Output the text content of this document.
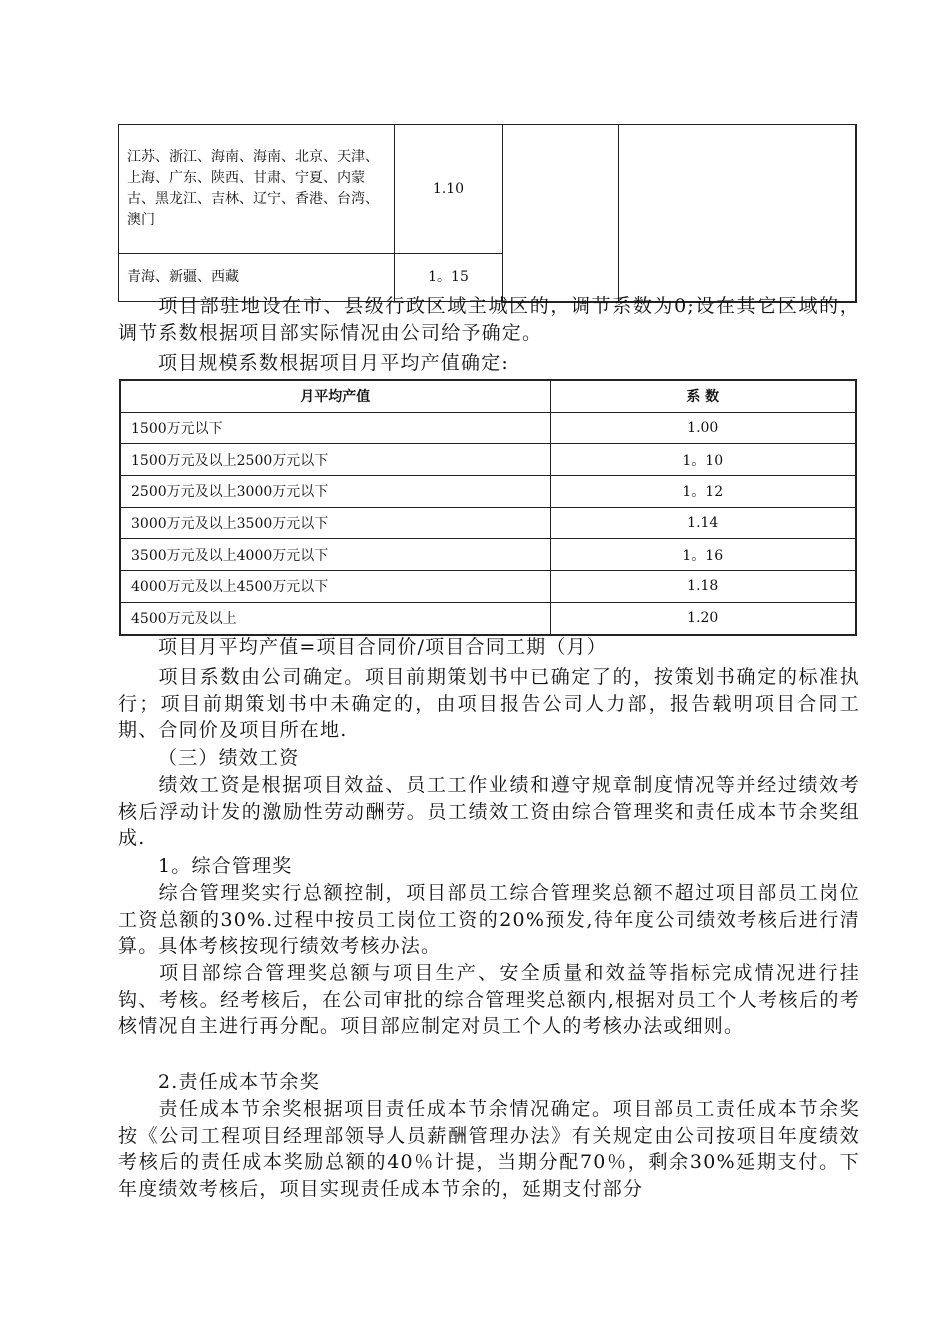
江苏、浙江、海南、海南、北京、天津、上海、广东、陕西、甘肃、宁夏、内蒙古、黑龙江、吉林、辽宁、香港、台湾、澳门	1.10		
青海、新疆、西藏	1。15		
项目部驻地设在市、县级行政区域主城区的，调节系数为0;设在其它区域的，调节系数根据项目部实际情况由公司给予确定。
项目规模系数根据项目月平均产值确定:
月平均产值	系 数
1500万元以下	1.00
1500万元及以上2500万元以下	1。10
2500万元及以上3000万元以下	1。12
3000万元及以上3500万元以下	1.14
3500万元及以上4000万元以下	1。16
4000万元及以上4500万元以下	1.18
4500万元及以上	1.20
项目月平均产值=项目合同价/项目合同工期（月）
项目系数由公司确定。项目前期策划书中已确定了的，按策划书确定的标准执行；项目前期策划书中未确定的，由项目报告公司人力部，报告载明项目合同工期、合同价及项目所在地.
（三）绩效工资
绩效工资是根据项目效益、员工工作业绩和遵守规章制度情况等并经过绩效考核后浮动计发的激励性劳动酬劳。员工绩效工资由综合管理奖和责任成本节余奖组成.
1。综合管理奖
综合管理奖实行总额控制，项目部员工综合管理奖总额不超过项目部员工岗位工资总额的30%.过程中按员工岗位工资的20%预发,待年度公司绩效考核后进行清算。具体考核按现行绩效考核办法。
项目部综合管理奖总额与项目生产、安全质量和效益等指标完成情况进行挂钩、考核。经考核后，在公司审批的综合管理奖总额内,根据对员工个人考核后的考核情况自主进行再分配。项目部应制定对员工个人的考核办法或细则。
2.责任成本节余奖
责任成本节余奖根据项目责任成本节余情况确定。项目部员工责任成本节余奖按《公司工程项目经理部领导人员薪酬管理办法》有关规定由公司按项目年度绩效考核后的责任成本奖励总额的40％计提，当期分配70％，剩余30%延期支付。下年度绩效考核后，项目实现责任成本节余的，延期支付部分
